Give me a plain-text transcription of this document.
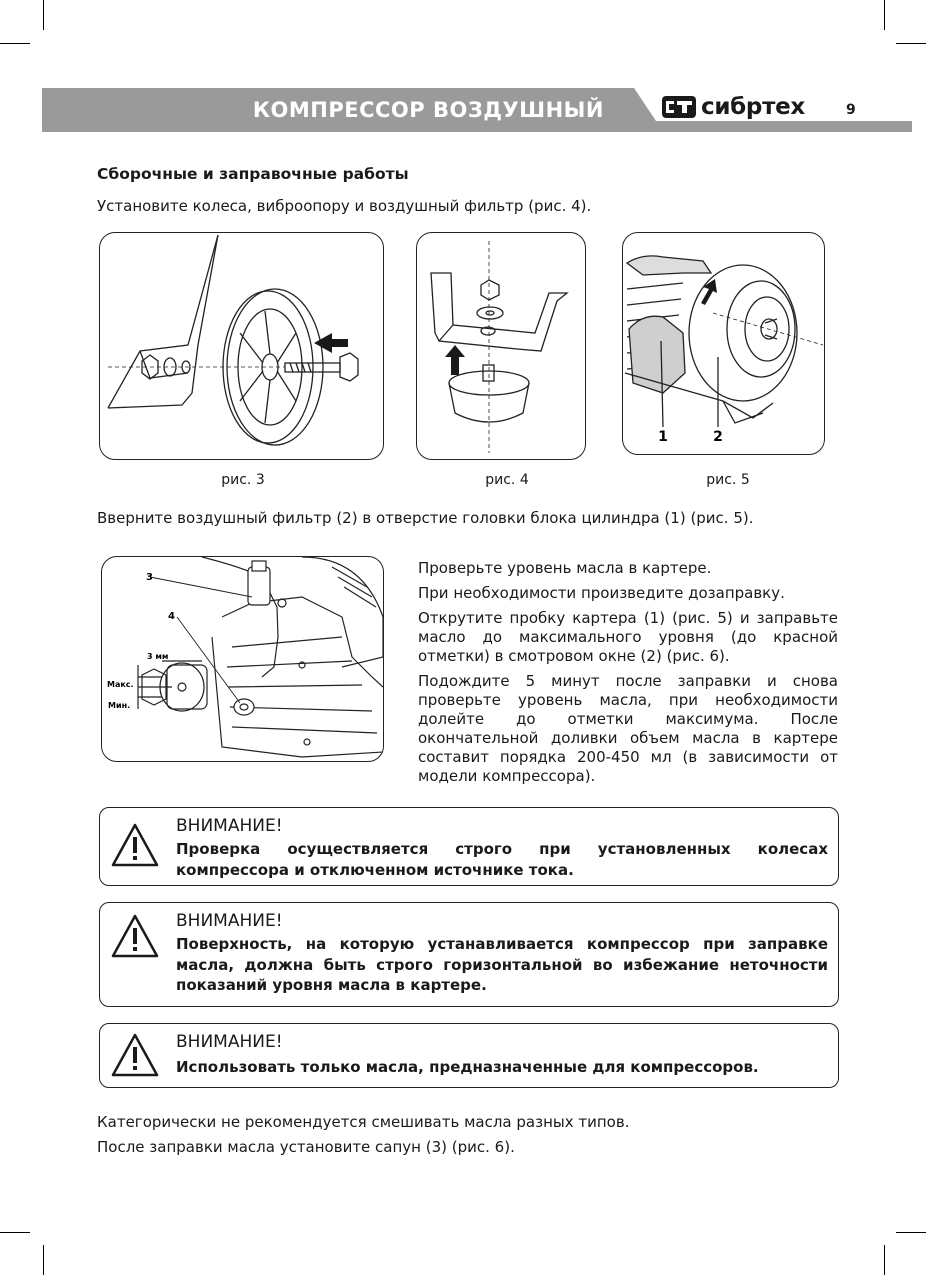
КОМПРЕССОР ВОЗДУШНЫЙ	сибртех	9
Сборочные и заправочные работы
Установите колеса, виброопору и воздушный фильтр (рис. 4).
1	2
рис. 3	рис. 4	рис. 5
Вверните воздушный фильтр (2) в отверстие головки блока цилиндра (1) (рис. 5).
3
4
3 мм
Макс.
Мин.

Проверьте уровень масла в картере.

При необходимости произведите дозаправку.

Открутите пробку картера (1) (рис. 5) и заправьте масло до максимального уровня (до красной отметки) в смотровом окне (2) (рис. 6).

Подождите 5 минут после заправки и снова проверьте уровень масла, при необходимости долейте до отметки максимума. После окончательной доливки объем масла в картере составит порядка 200-450 мл (в зависимости от модели компрессора).

ВНИМАНИЕ!
Проверка осуществляется строго при установленных колесах компрессора и отключенном источнике тока.
ВНИМАНИЕ!
Поверхность, на которую устанавливается компрессор при заправке масла, должна быть строго горизонтальной во избежание неточности показаний уровня масла в картере.
ВНИМАНИЕ!
Использовать только масла, предназначенные для компрессоров.
Категорически не рекомендуется смешивать масла разных типов.
После заправки масла установите сапун (3) (рис. 6).
